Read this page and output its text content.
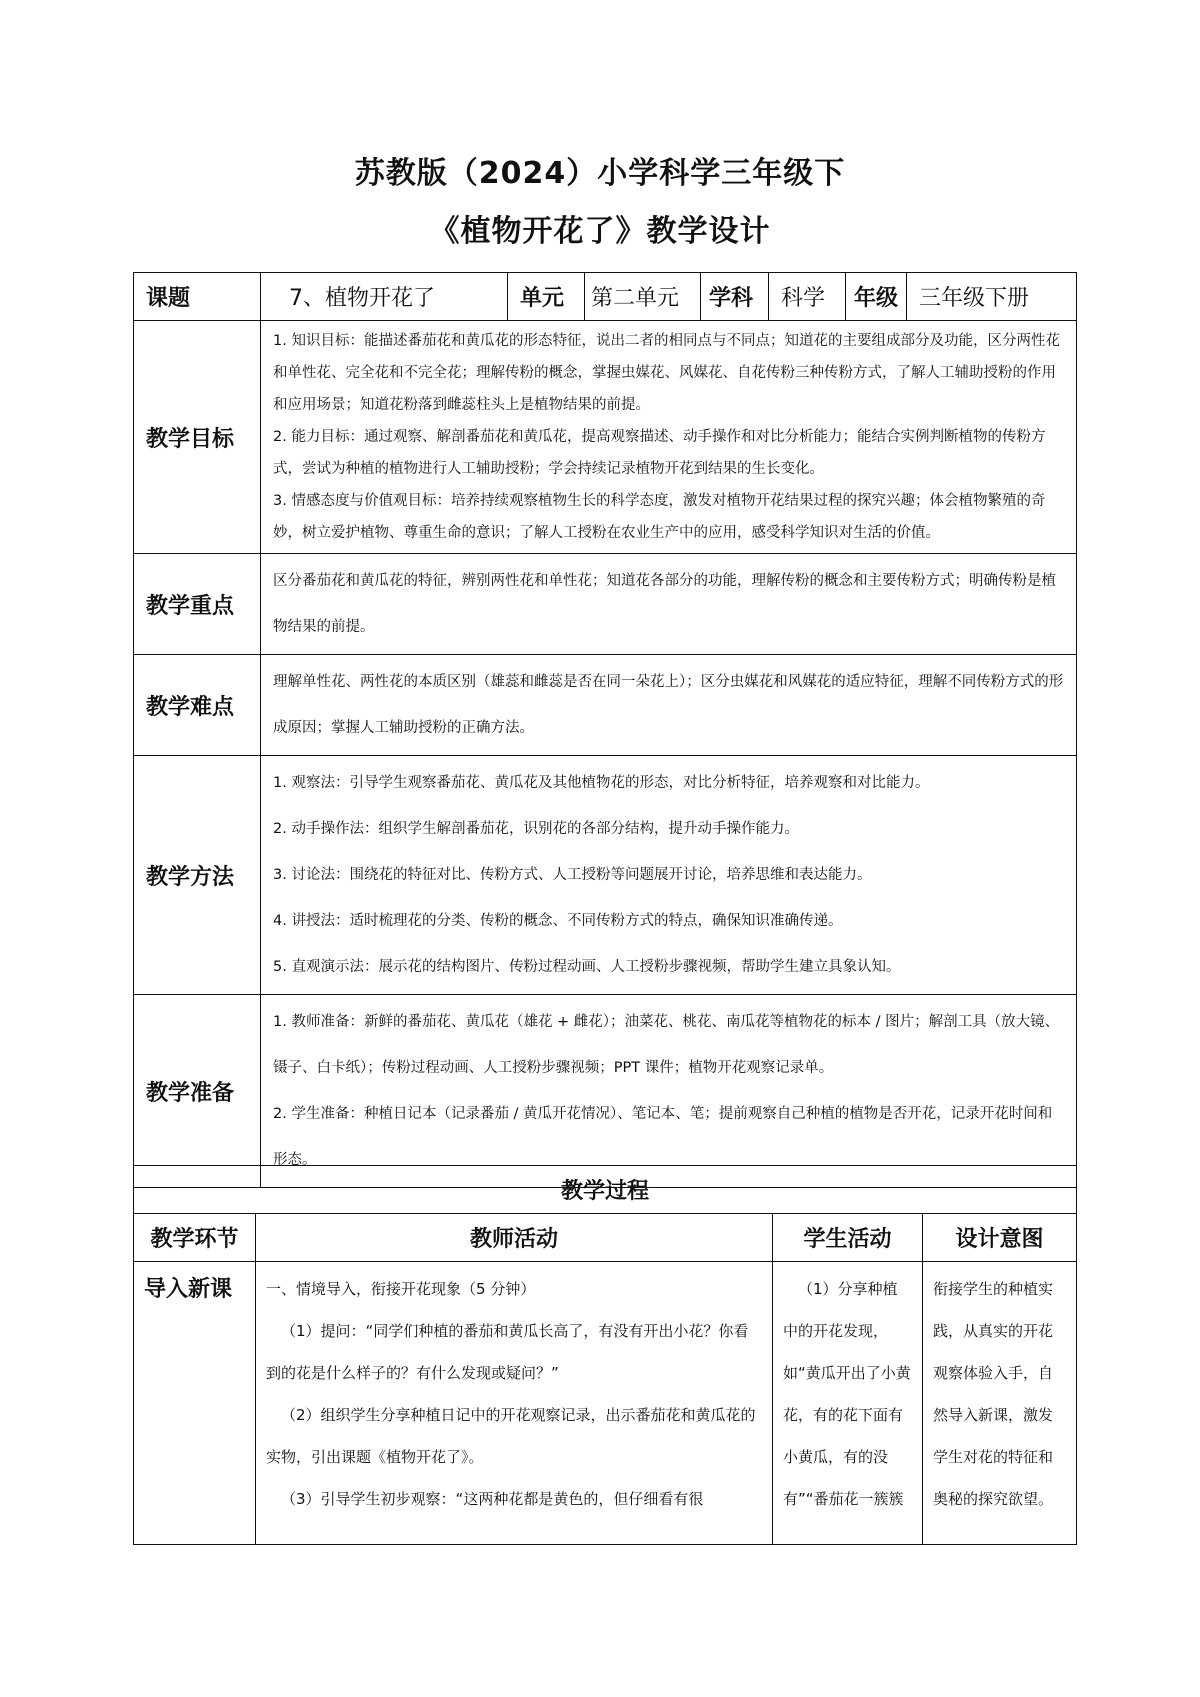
苏教版（2024）小学科学三年级下
《植物开花了》教学设计
课题	7、植物开花了	单元	第二单元	学科	科学	年级	三年级下册
教学目标	1. 知识目标：能描述番茄花和黄瓜花的形态特征，说出二者的相同点与不同点；知道花的主要组成部分及功能，区分两性花和单性花、完全花和不完全花；理解传粉的概念，掌握虫媒花、风媒花、自花传粉三种传粉方式，了解人工辅助授粉的作用和应用场景；知道花粉落到雌蕊柱头上是植物结果的前提。

2. 能力目标：通过观察、解剖番茄花和黄瓜花，提高观察描述、动手操作和对比分析能力；能结合实例判断植物的传粉方式，尝试为种植的植物进行人工辅助授粉；学会持续记录植物开花到结果的生长变化。

3. 情感态度与价值观目标：培养持续观察植物生长的科学态度，激发对植物开花结果过程的探究兴趣；体会植物繁殖的奇妙，树立爱护植物、尊重生命的意识；了解人工授粉在农业生产中的应用，感受科学知识对生活的价值。						

教学重点	区分番茄花和黄瓜花的特征，辨别两性花和单性花；知道花各部分的功能，理解传粉的概念和主要传粉方式；明确传粉是植物结果的前提。						

教学难点	理解单性花、两性花的本质区别（雄蕊和雌蕊是否在同一朵花上）；区分虫媒花和风媒花的适应特征，理解不同传粉方式的形成原因；掌握人工辅助授粉的正确方法。						

教学方法	1. 观察法：引导学生观察番茄花、黄瓜花及其他植物花的形态，对比分析特征，培养观察和对比能力。

2. 动手操作法：组织学生解剖番茄花，识别花的各部分结构，提升动手操作能力。

3. 讨论法：围绕花的特征对比、传粉方式、人工授粉等问题展开讨论，培养思维和表达能力。

4. 讲授法：适时梳理花的分类、传粉的概念、不同传粉方式的特点，确保知识准确传递。

5. 直观演示法：展示花的结构图片、传粉过程动画、人工授粉步骤视频，帮助学生建立具象认知。						

教学准备	1. 教师准备：新鲜的番茄花、黄瓜花（雄花 + 雌花）；油菜花、桃花、南瓜花等植物花的标本 / 图片；解剖工具（放大镜、镊子、白卡纸）；传粉过程动画、人工授粉步骤视频；PPT 课件；植物开花观察记录单。

2. 学生准备：种植日记本（记录番茄 / 黄瓜开花情况）、笔记本、笔；提前观察自己种植的植物是否开花，记录开花时间和形态。						

教学过程			
教学环节	教师活动	学生活动	设计意图
导入新课	一、情境导入，衔接开花现象（5 分钟）

（1）提问：“同学们种植的番茄和黄瓜长高了，有没有开出小花？你看到的花是什么样子的？有什么发现或疑问？”

（2）组织学生分享种植日记中的开花观察记录，出示番茄花和黄瓜花的实物，引出课题《植物开花了》。

（3）引导学生初步观察：“这两种花都是黄色的，但仔细看有很	（1）分享种植中的开花发现，如“黄瓜开出了小黄花，有的花下面有小黄瓜，有的没有”“番茄花一簇簇	衔接学生的种植实践，从真实的开花观察体验入手，自然导入新课，激发学生对花的特征和奥秘的探究欲望。
